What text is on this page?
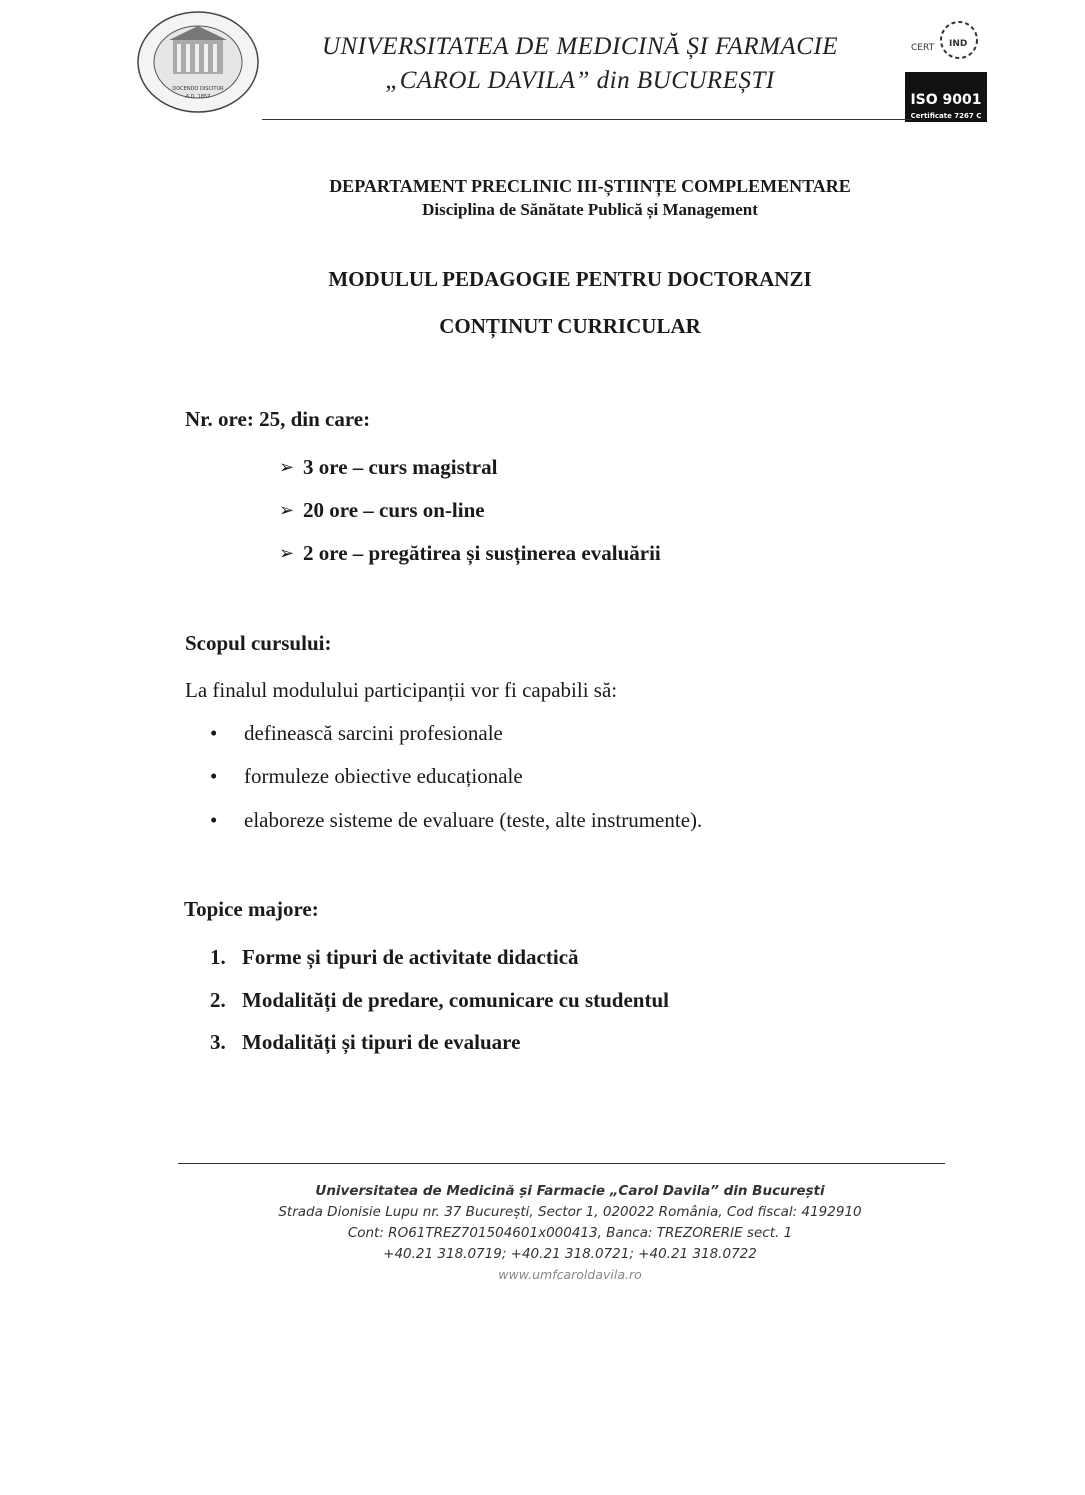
DOCENDO DISCITUR
A.D. 1857
UNIVERSITATEA DE MEDICINĂ ȘI FARMACIE
„CAROL DAVILA” din BUCUREȘTI
CERT IND
ISO 9001
Certificate 7267 C
DEPARTAMENT PRECLINIC III-ȘTIINȚE COMPLEMENTARE
Disciplina de Sănătate Publică și Management
MODULUL PEDAGOGIE PENTRU DOCTORANZI
CONȚINUT CURRICULAR
Nr. ore: 25, din care:
➢ 3 ore – curs magistral
➢ 20 ore – curs on-line
➢ 2 ore – pregătirea și susținerea evaluării
Scopul cursului:
La finalul modulului participanții vor fi capabili să:
•	definească sarcini profesionale
•	formuleze obiective educaționale
•	elaboreze sisteme de evaluare (teste, alte instrumente).
Topice majore:
1. Forme și tipuri de activitate didactică
2. Modalități de predare, comunicare cu studentul
3. Modalități și tipuri de evaluare
Universitatea de Medicină și Farmacie „Carol Davila” din București
Strada Dionisie Lupu nr. 37 București, Sector 1, 020022 România, Cod fiscal: 4192910
Cont: RO61TREZ701504601x000413, Banca: TREZORERIE sect. 1
+40.21 318.0719; +40.21 318.0721; +40.21 318.0722
www.umfcaroldavila.ro
